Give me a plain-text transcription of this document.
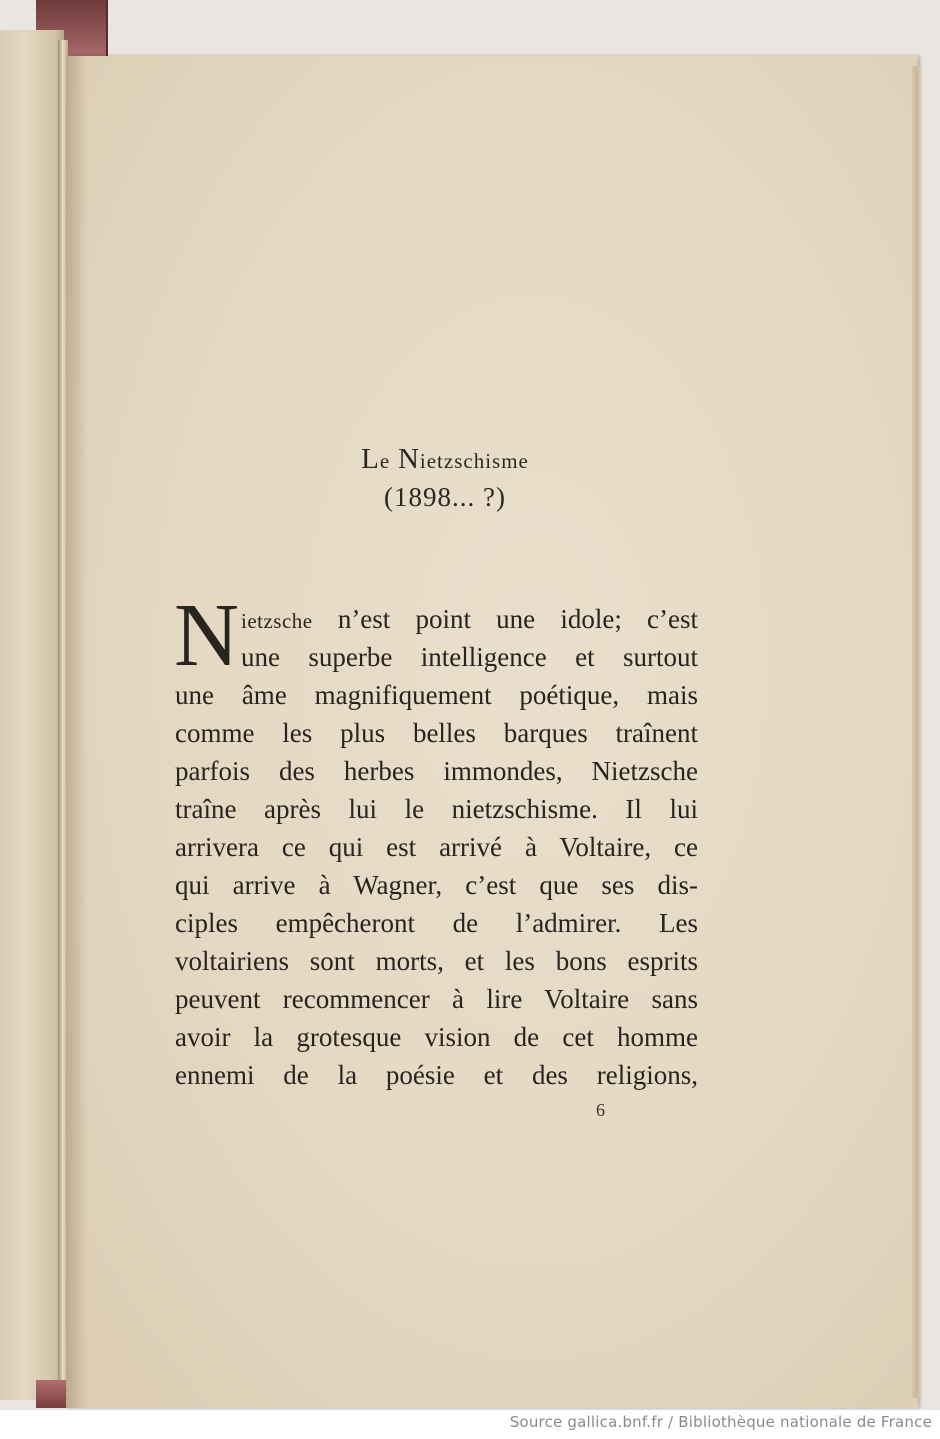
Le Nietzschisme
(1898... ?)
N ietzsche n’est point une idole; c’est
une superbe intelligence et surtout
une âme magnifiquement poétique, mais
comme les plus belles barques traînent
parfois des herbes immondes, Nietzsche
traîne après lui le nietzschisme. Il lui
arrivera ce qui est arrivé à Voltaire, ce
qui arrive à Wagner, c’est que ses dis-
ciples empêcheront de l’admirer. Les
voltairiens sont morts, et les bons esprits
peuvent recommencer à lire Voltaire sans
avoir la grotesque vision de cet homme
ennemi de la poésie et des religions,
6
Source gallica.bnf.fr / Bibliothèque nationale de France
